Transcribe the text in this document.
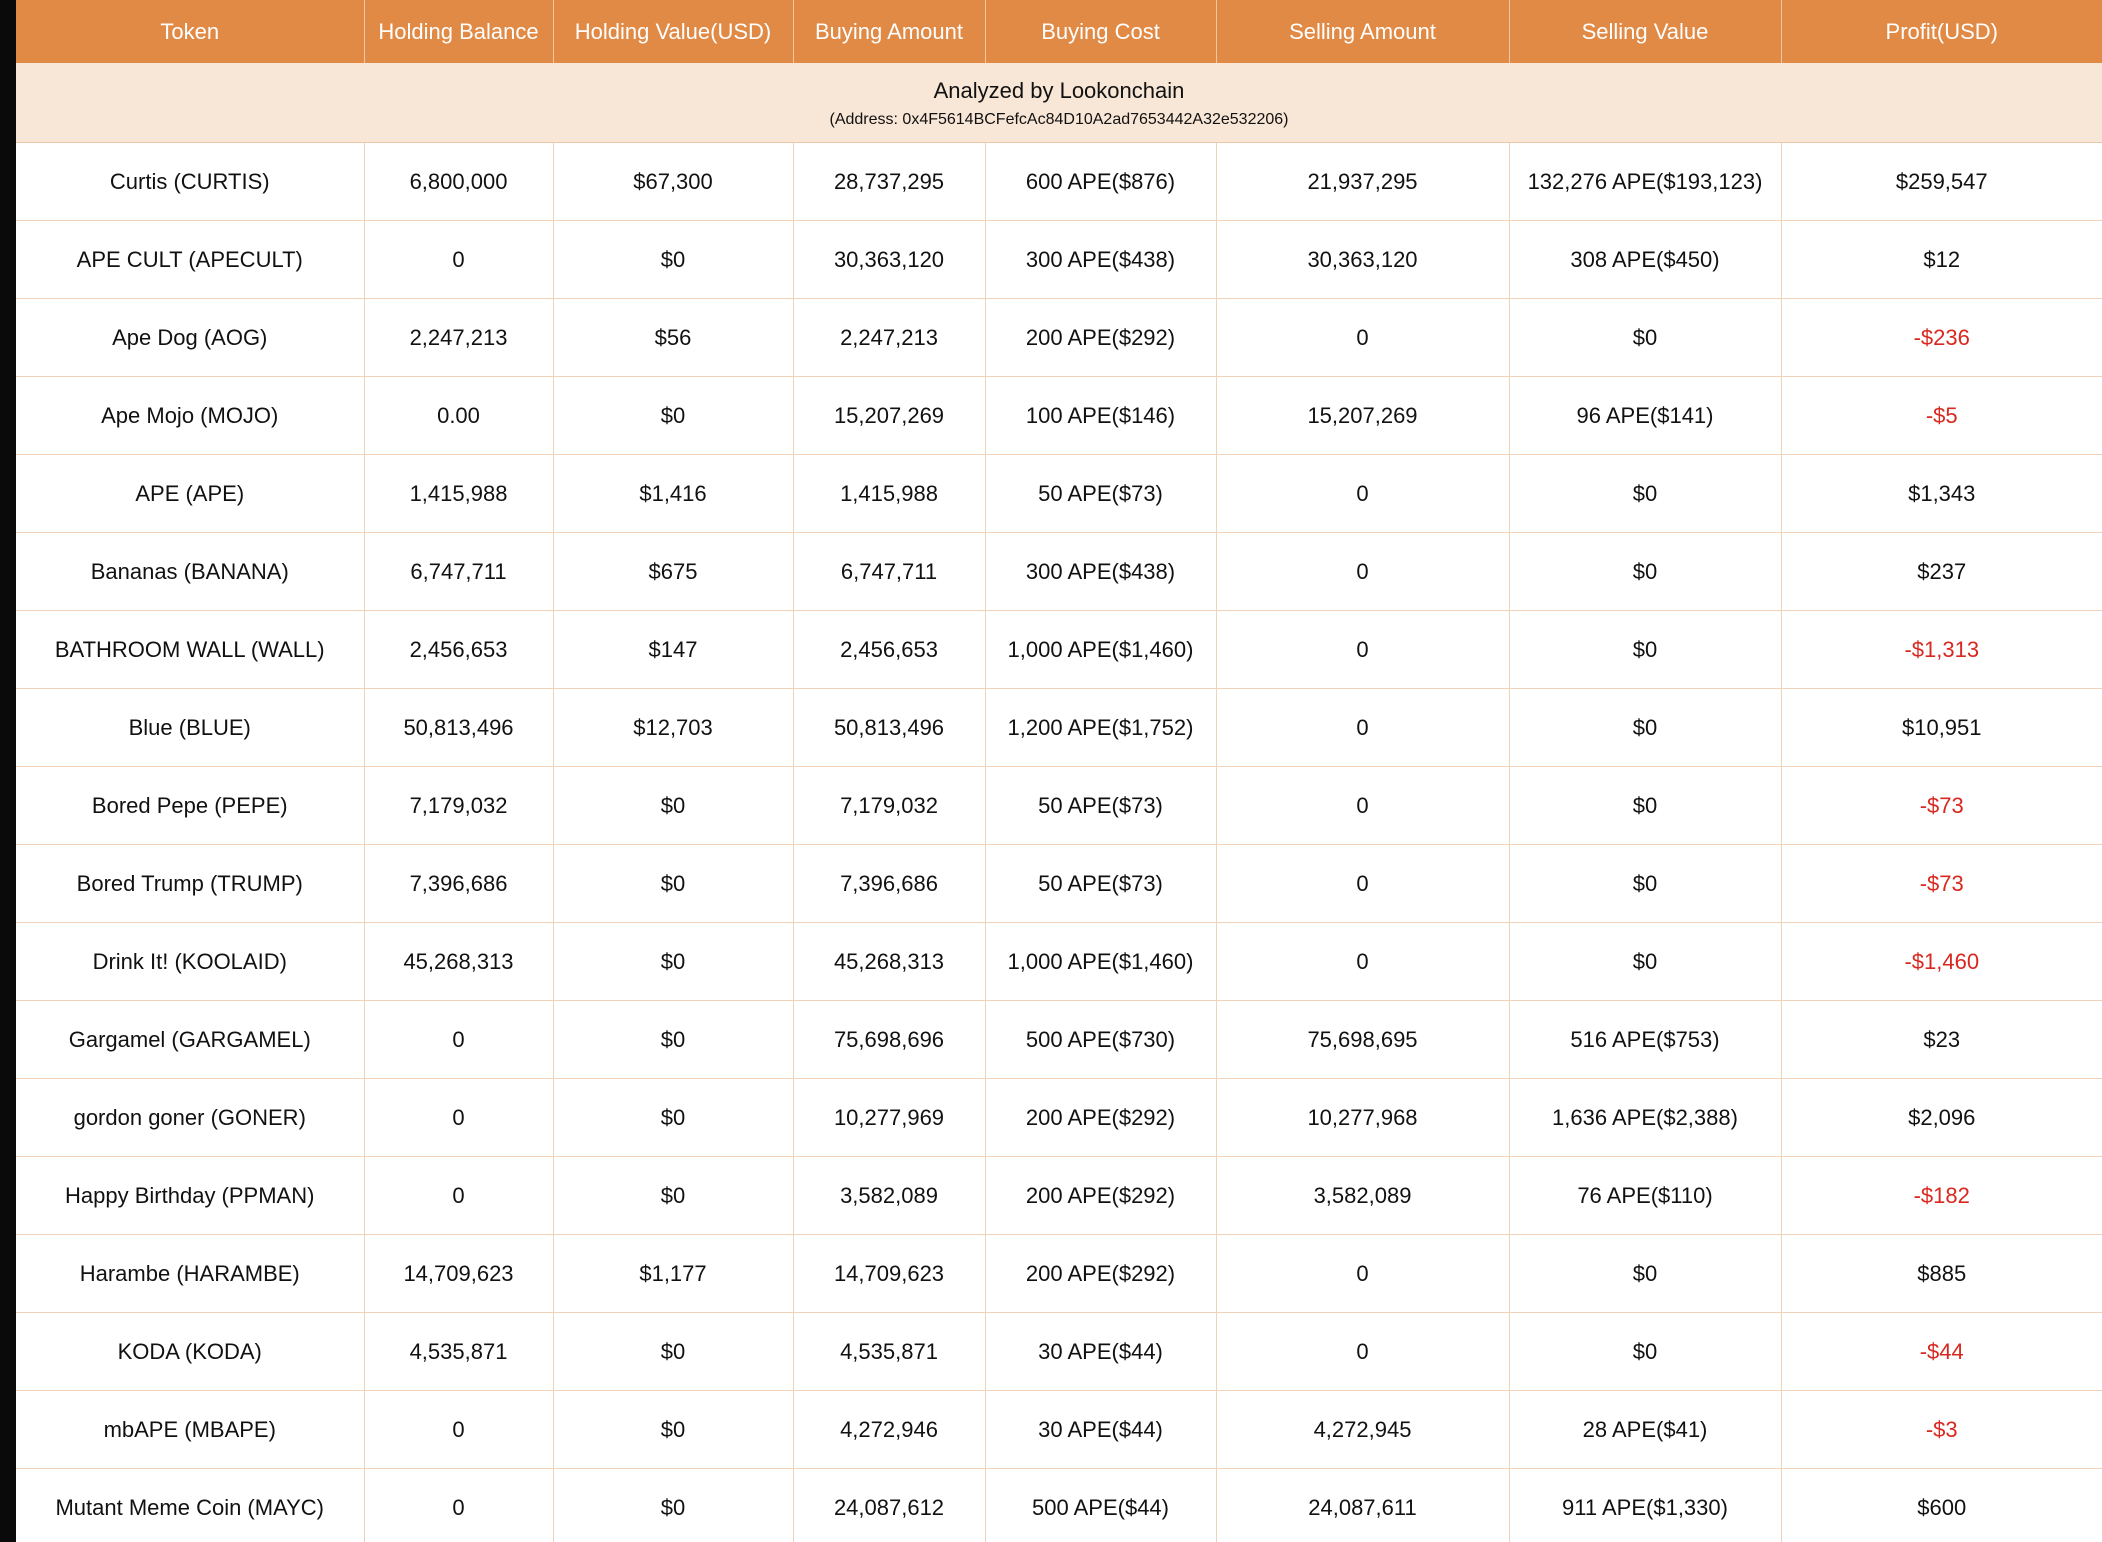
Token	Holding Balance	Holding Value(USD)	Buying Amount	Buying Cost	Selling Amount	Selling Value	Profit(USD)

Analyzed by Lookonchain
(Address: 0x4F5614BCFefcAc84D10A2ad7653442A32e532206)							

Curtis (CURTIS)	6,800,000	$67,300	28,737,295	600 APE($876)	21,937,295	132,276 APE($193,123)	$259,547
APE CULT (APECULT)	0	$0	30,363,120	300 APE($438)	30,363,120	308 APE($450)	$12
Ape Dog (AOG)	2,247,213	$56	2,247,213	200 APE($292)	0	$0	-$236
Ape Mojo (MOJO)	0.00	$0	15,207,269	100 APE($146)	15,207,269	96 APE($141)	-$5
APE (APE)	1,415,988	$1,416	1,415,988	50 APE($73)	0	$0	$1,343
Bananas (BANANA)	6,747,711	$675	6,747,711	300 APE($438)	0	$0	$237
BATHROOM WALL (WALL)	2,456,653	$147	2,456,653	1,000 APE($1,460)	0	$0	-$1,313
Blue (BLUE)	50,813,496	$12,703	50,813,496	1,200 APE($1,752)	0	$0	$10,951
Bored Pepe (PEPE)	7,179,032	$0	7,179,032	50 APE($73)	0	$0	-$73
Bored Trump (TRUMP)	7,396,686	$0	7,396,686	50 APE($73)	0	$0	-$73
Drink It! (KOOLAID)	45,268,313	$0	45,268,313	1,000 APE($1,460)	0	$0	-$1,460
Gargamel (GARGAMEL)	0	$0	75,698,696	500 APE($730)	75,698,695	516 APE($753)	$23
gordon goner (GONER)	0	$0	10,277,969	200 APE($292)	10,277,968	1,636 APE($2,388)	$2,096
Happy Birthday (PPMAN)	0	$0	3,582,089	200 APE($292)	3,582,089	76 APE($110)	-$182
Harambe (HARAMBE)	14,709,623	$1,177	14,709,623	200 APE($292)	0	$0	$885
KODA (KODA)	4,535,871	$0	4,535,871	30 APE($44)	0	$0	-$44
mbAPE (MBAPE)	0	$0	4,272,946	30 APE($44)	4,272,945	28 APE($41)	-$3
Mutant Meme Coin (MAYC)	0	$0	24,087,612	500 APE($44)	24,087,611	911 APE($1,330)	$600
